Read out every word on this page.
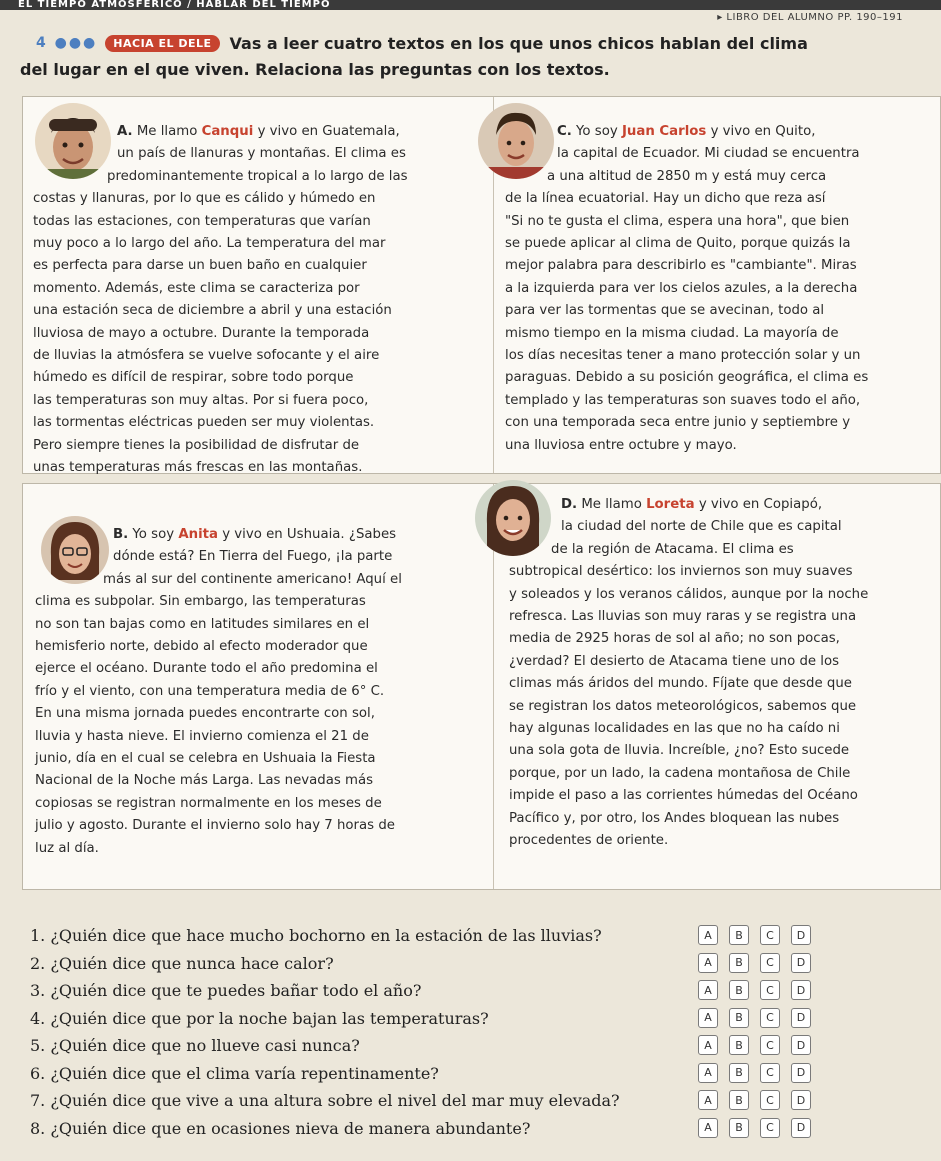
EL TIEMPO ATMOSFÉRICO / HABLAR DEL TIEMPO
▸ LIBRO DEL ALUMNO PP. 190–191
4 ●●●	HACIA EL DELE	Vas a leer cuatro textos en los que unos chicos hablan del clima
del lugar en el que viven. Relaciona las preguntas con los textos.
A. Me llamo Canqui y vivo en Guatemala,
un país de llanuras y montañas. El clima es
predominantemente tropical a lo largo de las
costas y llanuras, por lo que es cálido y húmedo en
todas las estaciones, con temperaturas que varían
muy poco a lo largo del año. La temperatura del mar
es perfecta para darse un buen baño en cualquier
momento. Además, este clima se caracteriza por
una estación seca de diciembre a abril y una estación
lluviosa de mayo a octubre. Durante la temporada
de lluvias la atmósfera se vuelve sofocante y el aire
húmedo es difícil de respirar, sobre todo porque
las temperaturas son muy altas. Por si fuera poco,
las tormentas eléctricas pueden ser muy violentas.
Pero siempre tienes la posibilidad de disfrutar de
unas temperaturas más frescas en las montañas.
C. Yo soy Juan Carlos y vivo en Quito,
la capital de Ecuador. Mi ciudad se encuentra
a una altitud de 2850 m y está muy cerca
de la línea ecuatorial. Hay un dicho que reza así
"Si no te gusta el clima, espera una hora", que bien
se puede aplicar al clima de Quito, porque quizás la
mejor palabra para describirlo es "cambiante". Miras
a la izquierda para ver los cielos azules, a la derecha
para ver las tormentas que se avecinan, todo al
mismo tiempo en la misma ciudad. La mayoría de
los días necesitas tener a mano protección solar y un
paraguas. Debido a su posición geográfica, el clima es
templado y las temperaturas son suaves todo el año,
con una temporada seca entre junio y septiembre y
una lluviosa entre octubre y mayo.
B. Yo soy Anita y vivo en Ushuaia. ¿Sabes
dónde está? En Tierra del Fuego, ¡la parte
más al sur del continente americano! Aquí el
clima es subpolar. Sin embargo, las temperaturas
no son tan bajas como en latitudes similares en el
hemisferio norte, debido al efecto moderador que
ejerce el océano. Durante todo el año predomina el
frío y el viento, con una temperatura media de 6° C.
En una misma jornada puedes encontrarte con sol,
lluvia y hasta nieve. El invierno comienza el 21 de
junio, día en el cual se celebra en Ushuaia la Fiesta
Nacional de la Noche más Larga. Las nevadas más
copiosas se registran normalmente en los meses de
julio y agosto. Durante el invierno solo hay 7 horas de
luz al día.
D. Me llamo Loreta y vivo en Copiapó,
la ciudad del norte de Chile que es capital
de la región de Atacama. El clima es
subtropical desértico: los inviernos son muy suaves
y soleados y los veranos cálidos, aunque por la noche
refresca. Las lluvias son muy raras y se registra una
media de 2925 horas de sol al año; no son pocas,
¿verdad? El desierto de Atacama tiene uno de los
climas más áridos del mundo. Fíjate que desde que
se registran los datos meteorológicos, sabemos que
hay algunas localidades en las que no ha caído ni
una sola gota de lluvia. Increíble, ¿no? Esto sucede
porque, por un lado, la cadena montañosa de Chile
impide el paso a las corrientes húmedas del Océano
Pacífico y, por otro, los Andes bloquean las nubes
procedentes de oriente.
1. ¿Quién dice que hace mucho bochorno en la estación de las lluvias?	A	B	C	D
2. ¿Quién dice que nunca hace calor?	A	B	C	D
3. ¿Quién dice que te puedes bañar todo el año?	A	B	C	D
4. ¿Quién dice que por la noche bajan las temperaturas?	A	B	C	D
5. ¿Quién dice que no llueve casi nunca?	A	B	C	D
6. ¿Quién dice que el clima varía repentinamente?	A	B	C	D
7. ¿Quién dice que vive a una altura sobre el nivel del mar muy elevada?	A	B	C	D
8. ¿Quién dice que en ocasiones nieva de manera abundante?	A	B	C	D
